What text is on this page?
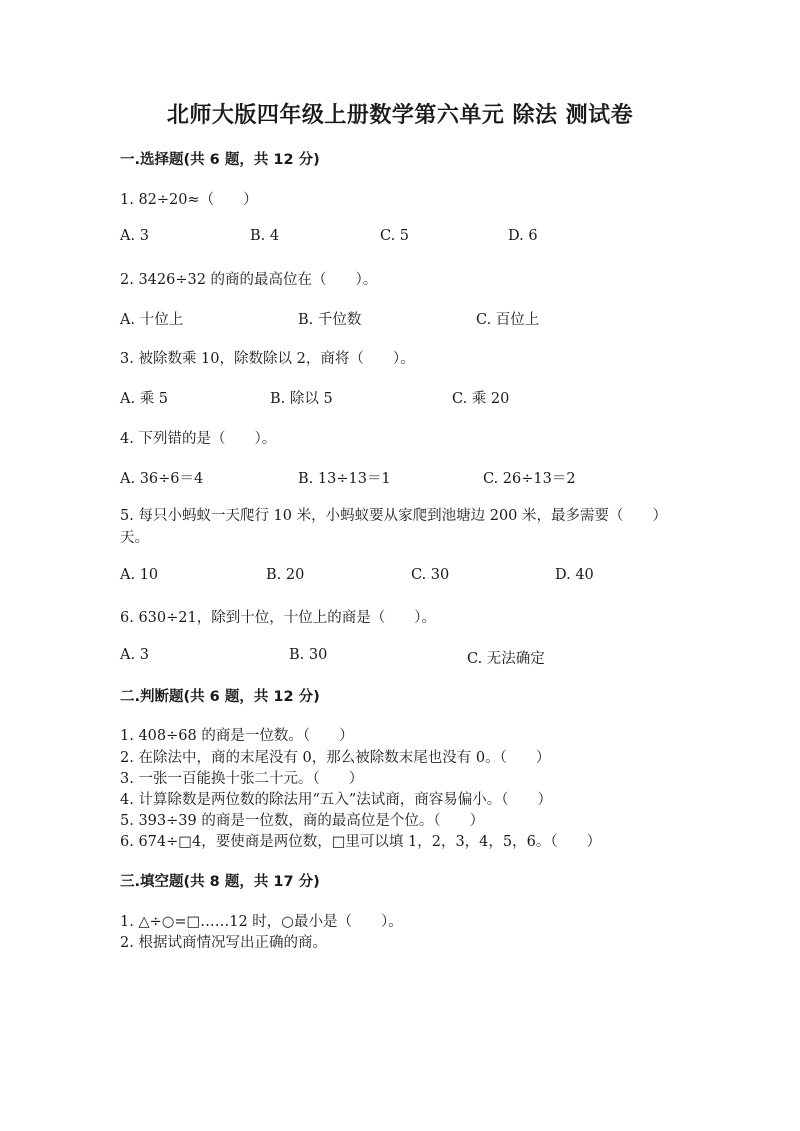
北师大版四年级上册数学第六单元 除法 测试卷
一.选择题(共 6 题，共 12 分)
1. 82÷20≈（　　）
A. 3	B. 4	C. 5	D. 6
2. 3426÷32 的商的最高位在（　　）。
A. 十位上	B. 千位数	C. 百位上
3. 被除数乘 10，除数除以 2，商将（　　）。
A. 乘 5	B. 除以 5	C. 乘 20
4. 下列错的是（　　）。
A. 36÷6＝4	B. 13÷13＝1	C. 26÷13＝2
5. 每只小蚂蚁一天爬行 10 米，小蚂蚁要从家爬到池塘边 200 米，最多需要（　　）天。
A. 10	B. 20	C. 30	D. 40
6. 630÷21，除到十位，十位上的商是（　　）。
A. 3	B. 30	C. 无法确定
二.判断题(共 6 题，共 12 分)
1. 408÷68 的商是一位数。（　　）
2. 在除法中，商的末尾没有 0，那么被除数末尾也没有 0。（　　）
3. 一张一百能换十张二十元。（　　）
4. 计算除数是两位数的除法用“五入”法试商，商容易偏小。（　　）
5. 393÷39 的商是一位数，商的最高位是个位。（　　）
6. 674÷□4，要使商是两位数，□里可以填 1，2，3，4，5，6。（　　）
三.填空题(共 8 题，共 17 分)
1. △÷○=□……12 时，○最小是（　　）。
2. 根据试商情况写出正确的商。
